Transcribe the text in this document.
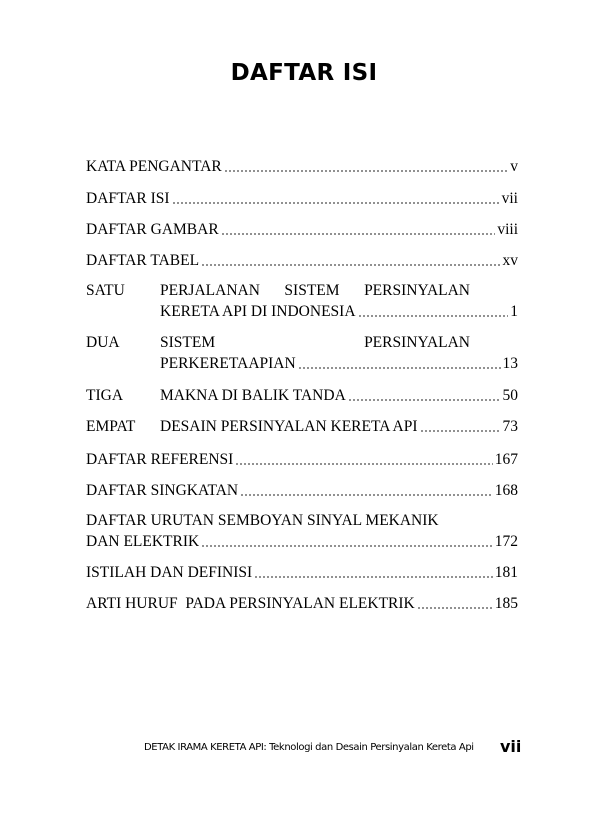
DAFTAR ISI
KATA PENGANTAR	v
DAFTAR ISI	vii
DAFTAR GAMBAR	viii
DAFTAR TABEL	xv
SATU	PERJALANAN SISTEM PERSINYALAN
KERETA API DI INDONESIA	1
DUA	SISTEM	PERSINYALAN
PERKERETAAPIAN	13
TIGA	MAKNA DI BALIK TANDA	50
EMPAT	DESAIN PERSINYALAN KERETA API	73
DAFTAR REFERENSI	167
DAFTAR SINGKATAN	168
DAFTAR URUTAN SEMBOYAN SINYAL MEKANIK
DAN ELEKTRIK	172
ISTILAH DAN DEFINISI	181
ARTI HURUF  PADA PERSINYALAN ELEKTRIK	185
DETAK IRAMA KERETA API: Teknologi dan Desain Persinyalan Kereta Api	vii
